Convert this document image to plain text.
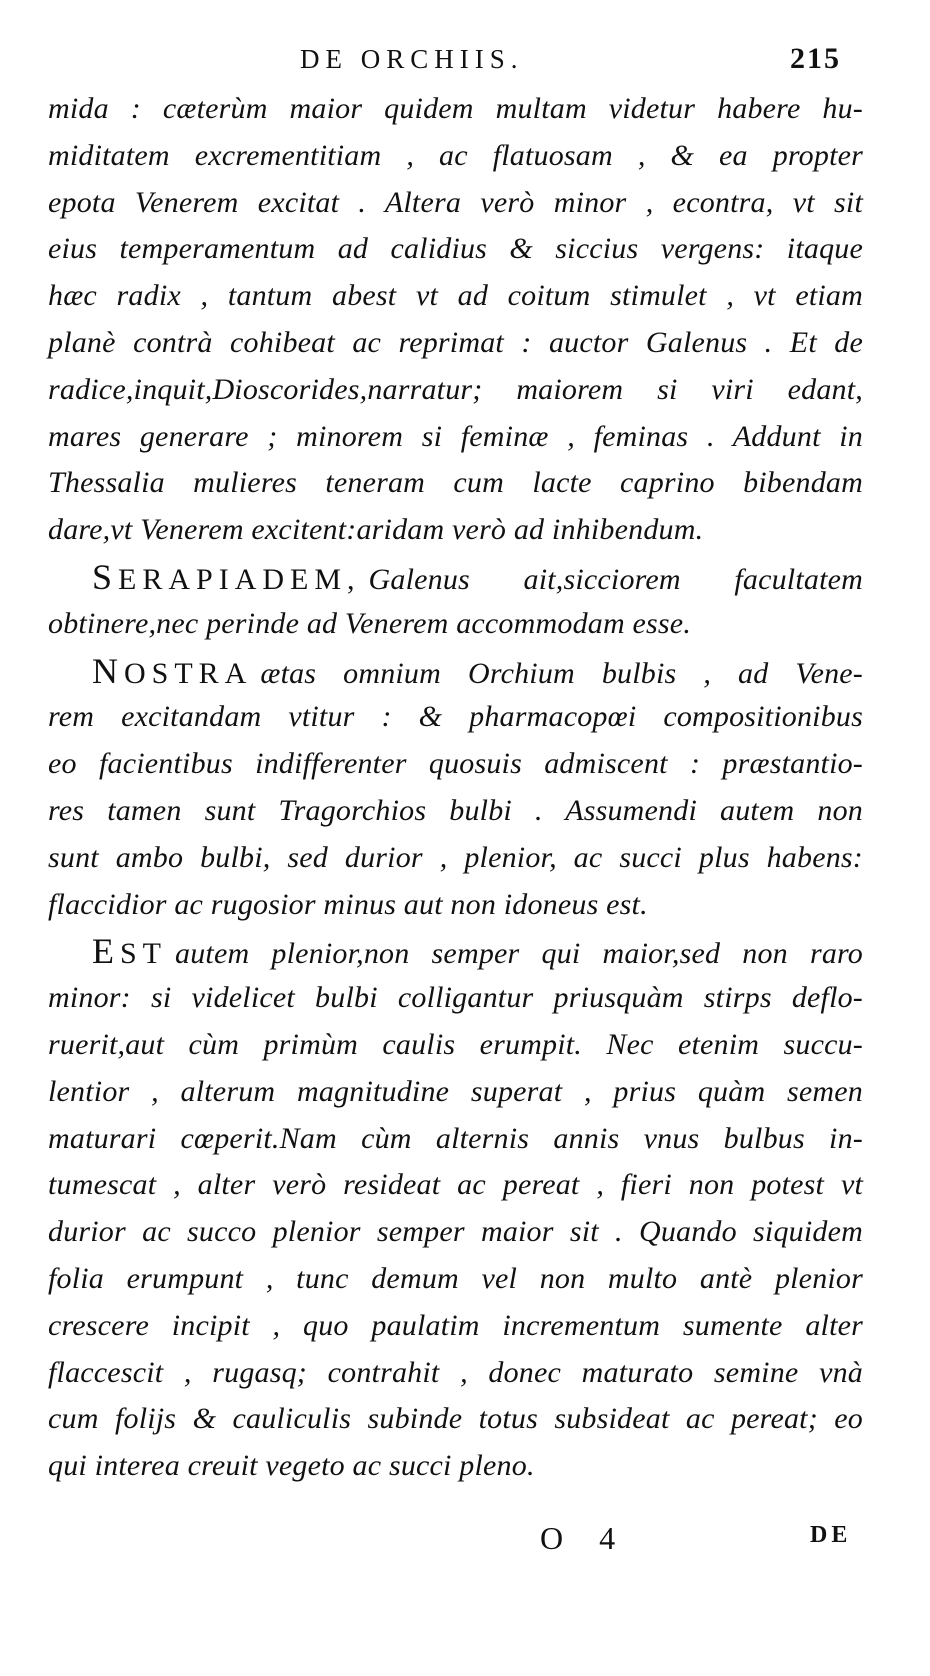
DE ORCHIIS.	215
mida : cæterùm maior quidem multam videtur habere hu-
miditatem excrementitiam , ac flatuosam , & ea propter
epota Venerem excitat . Altera verò minor , econtra, vt sit
eius temperamentum ad calidius & siccius vergens: itaque
hæc radix , tantum abest vt ad coitum stimulet , vt etiam
planè contrà cohibeat ac reprimat : auctor Galenus . Et de
radice,inquit,Dioscorides,narratur; maiorem si viri edant,
mares generare ; minorem si feminæ , feminas . Addunt in
Thessalia mulieres teneram cum lacte caprino bibendam
dare,vt Venerem excitent:aridam verò ad inhibendum.
SERAPIADEM, Galenus ait,sicciorem facultatem
obtinere,nec perinde ad Venerem accommodam esse.
NOSTRA ætas omnium Orchium bulbis , ad Vene-
rem excitandam vtitur : & pharmacopœi compositionibus
eo facientibus indifferenter quosuis admiscent : præstantio-
res tamen sunt Tragorchios bulbi . Assumendi autem non
sunt ambo bulbi, sed durior , plenior, ac succi plus habens:
flaccidior ac rugosior minus aut non idoneus est.
EST autem plenior,non semper qui maior,sed non raro
minor: si videlicet bulbi colligantur priusquàm stirps deflo-
ruerit,aut cùm primùm caulis erumpit. Nec etenim succu-
lentior , alterum magnitudine superat , prius quàm semen
maturari cœperit.Nam cùm alternis annis vnus bulbus in-
tumescat , alter verò resideat ac pereat , fieri non potest vt
durior ac succo plenior semper maior sit . Quando siquidem
folia erumpunt , tunc demum vel non multo antè plenior
crescere incipit , quo paulatim incrementum sumente alter
flaccescit , rugasq; contrahit , donec maturato semine vnà
cum folijs & cauliculis subinde totus subsideat ac pereat; eo
qui interea creuit vegeto ac succi pleno.
O 4	DE
